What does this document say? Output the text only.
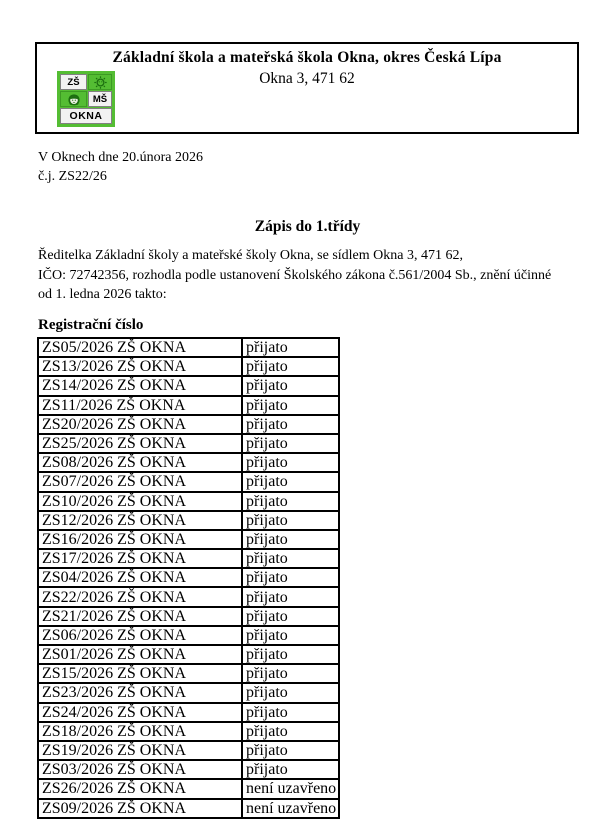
Základní škola a mateřská škola Okna, okres Česká Lípa
Okna 3, 471 62
ZŠ
MŠ
OKNA
V Oknech dne 20.února 2026
č.j. ZS22/26
Zápis do 1.třídy
Ředitelka Základní školy a mateřské školy Okna, se sídlem Okna 3, 471 62,
IČO: 72742356, rozhodla podle ustanovení Školského zákona č.561/2004 Sb., znění účinné
od 1. ledna 2026 takto:
Registrační číslo
ZS05/2026 ZŠ OKNA	přijato
ZS13/2026 ZŠ OKNA	přijato
ZS14/2026 ZŠ OKNA	přijato
ZS11/2026 ZŠ OKNA	přijato
ZS20/2026 ZŠ OKNA	přijato
ZS25/2026 ZŠ OKNA	přijato
ZS08/2026 ZŠ OKNA	přijato
ZS07/2026 ZŠ OKNA	přijato
ZS10/2026 ZŠ OKNA	přijato
ZS12/2026 ZŠ OKNA	přijato
ZS16/2026 ZŠ OKNA	přijato
ZS17/2026 ZŠ OKNA	přijato
ZS04/2026 ZŠ OKNA	přijato
ZS22/2026 ZŠ OKNA	přijato
ZS21/2026 ZŠ OKNA	přijato
ZS06/2026 ZŠ OKNA	přijato
ZS01/2026 ZŠ OKNA	přijato
ZS15/2026 ZŠ OKNA	přijato
ZS23/2026 ZŠ OKNA	přijato
ZS24/2026 ZŠ OKNA	přijato
ZS18/2026 ZŠ OKNA	přijato
ZS19/2026 ZŠ OKNA	přijato
ZS03/2026 ZŠ OKNA	přijato
ZS26/2026 ZŠ OKNA	není uzavřeno
ZS09/2026 ZŠ OKNA	není uzavřeno
